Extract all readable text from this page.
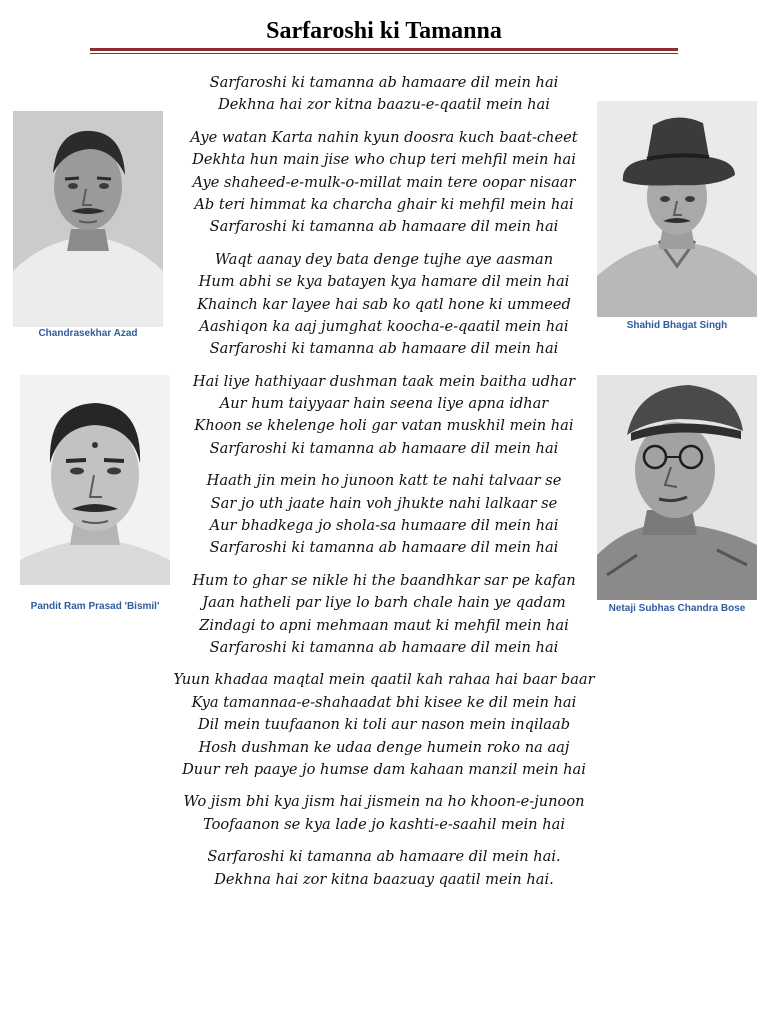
Sarfaroshi ki Tamanna
Sarfaroshi ki tamanna ab hamaare dil mein hai
Dekhna hai zor kitna baazu-e-qaatil mein hai
Aye watan Karta nahin kyun doosra kuch baat-cheet
Dekhta hun main jise who chup teri mehfil mein hai
Aye shaheed-e-mulk-o-millat main tere oopar nisaar
Ab teri himmat ka charcha ghair ki mehfil mein hai
Sarfaroshi ki tamanna ab hamaare dil mein hai
Waqt aanay dey bata denge tujhe aye aasman
Hum abhi se kya batayen kya hamare dil mein hai
Khainch kar layee hai sab ko qatl hone ki ummeed
Aashiqon ka aaj jumghat koocha-e-qaatil mein hai
Sarfaroshi ki tamanna ab hamaare dil mein hai
Hai liye hathiyaar dushman taak mein baitha udhar
Aur hum taiyyaar hain seena liye apna idhar
Khoon se khelenge holi gar vatan muskhil mein hai
Sarfaroshi ki tamanna ab hamaare dil mein hai
Haath jin mein ho junoon katt te nahi talvaar se
Sar jo uth jaate hain voh jhukte nahi lalkaar se
Aur bhadkega jo shola-sa humaare dil mein hai
Sarfaroshi ki tamanna ab hamaare dil mein hai
Hum to ghar se nikle hi the baandhkar sar pe kafan
Jaan hatheli par liye lo barh chale hain ye qadam
Zindagi to apni mehmaan maut ki mehfil mein hai
Sarfaroshi ki tamanna ab hamaare dil mein hai
Yuun khadaa maqtal mein qaatil kah rahaa hai baar baar
Kya tamannaa-e-shahaadat bhi kisee ke dil mein hai
Dil mein tuufaanon ki toli aur nason mein inqilaab
Hosh dushman ke udaa denge humein roko na aaj
Duur reh paaye jo humse dam kahaan manzil mein hai
Wo jism bhi kya jism hai jismein na ho khoon-e-junoon
Toofaanon se kya lade jo kashti-e-saahil mein hai
Sarfaroshi ki tamanna ab hamaare dil mein hai.
Dekhna hai zor kitna baazuay qaatil mein hai.
Chandrasekhar Azad
Shahid Bhagat Singh
Pandit Ram Prasad 'Bismil'	Netaji Subhas Chandra Bose
